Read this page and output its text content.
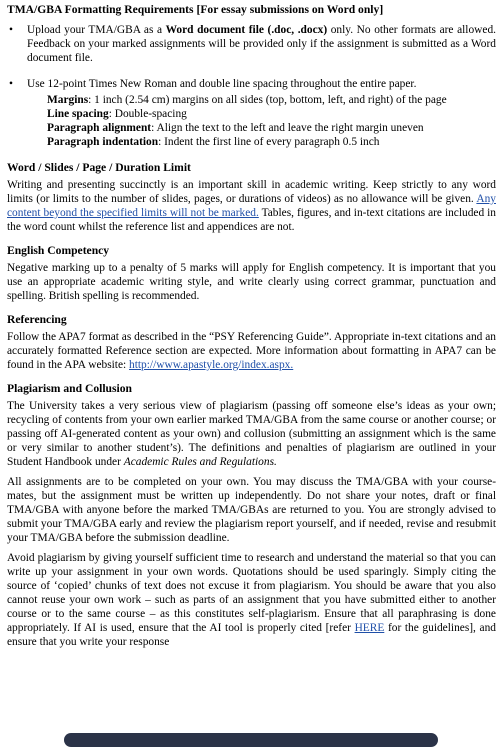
TMA/GBA Formatting Requirements [For essay submissions on Word only]
• Upload your TMA/GBA as a Word document file (.doc, .docx) only. No other formats are allowed. Feedback on your marked assignments will be provided only if the assignment is submitted as a Word document file.
• Use 12-point Times New Roman and double line spacing throughout the entire paper.
Margins: 1 inch (2.54 cm) margins on all sides (top, bottom, left, and right) of the page
Line spacing: Double-spacing
Paragraph alignment: Align the text to the left and leave the right margin uneven
Paragraph indentation: Indent the first line of every paragraph 0.5 inch
Word / Slides / Page / Duration Limit

Writing and presenting succinctly is an important skill in academic writing. Keep strictly to any word limits (or limits to the number of slides, pages, or durations of videos) as no allowance will be given. Any content beyond the specified limits will not be marked. Tables, figures, and in-text citations are included in the word count whilst the reference list and appendices are not.

English Competency

Negative marking up to a penalty of 5 marks will apply for English competency. It is important that you use an appropriate academic writing style, and write clearly using correct grammar, punctuation and spelling. British spelling is recommended.

Referencing

Follow the APA7 format as described in the “PSY Referencing Guide”. Appropriate in-text citations and an accurately formatted Reference section are expected. More information about formatting in APA7 can be found in the APA website: http://www.apastyle.org/index.aspx.

Plagiarism and Collusion

The University takes a very serious view of plagiarism (passing off someone else’s ideas as your own; recycling of contents from your own earlier marked TMA/GBA from the same course or another course; or passing off AI-generated content as your own) and collusion (submitting an assignment which is the same or very similar to another student’s). The definitions and penalties of plagiarism are outlined in your Student Handbook under Academic Rules and Regulations.

All assignments are to be completed on your own. You may discuss the TMA/GBA with your course-mates, but the assignment must be written up independently. Do not share your notes, draft or final TMA/GBA with anyone before the marked TMA/GBAs are returned to you. You are strongly advised to submit your TMA/GBA early and review the plagiarism report yourself, and if needed, revise and resubmit your TMA/GBA before the submission deadline.

Avoid plagiarism by giving yourself sufficient time to research and understand the material so that you can write up your assignment in your own words. Quotations should be used sparingly. Simply citing the source of ‘copied’ chunks of text does not excuse it from plagiarism. You should be aware that you also cannot reuse your own work – such as parts of an assignment that you have submitted either to another course or to the same course – as this constitutes self-plagiarism. Ensure that all paraphrasing is done appropriately. If AI is used, ensure that the AI tool is properly cited [refer HERE for the guidelines], and ensure that you write your response
